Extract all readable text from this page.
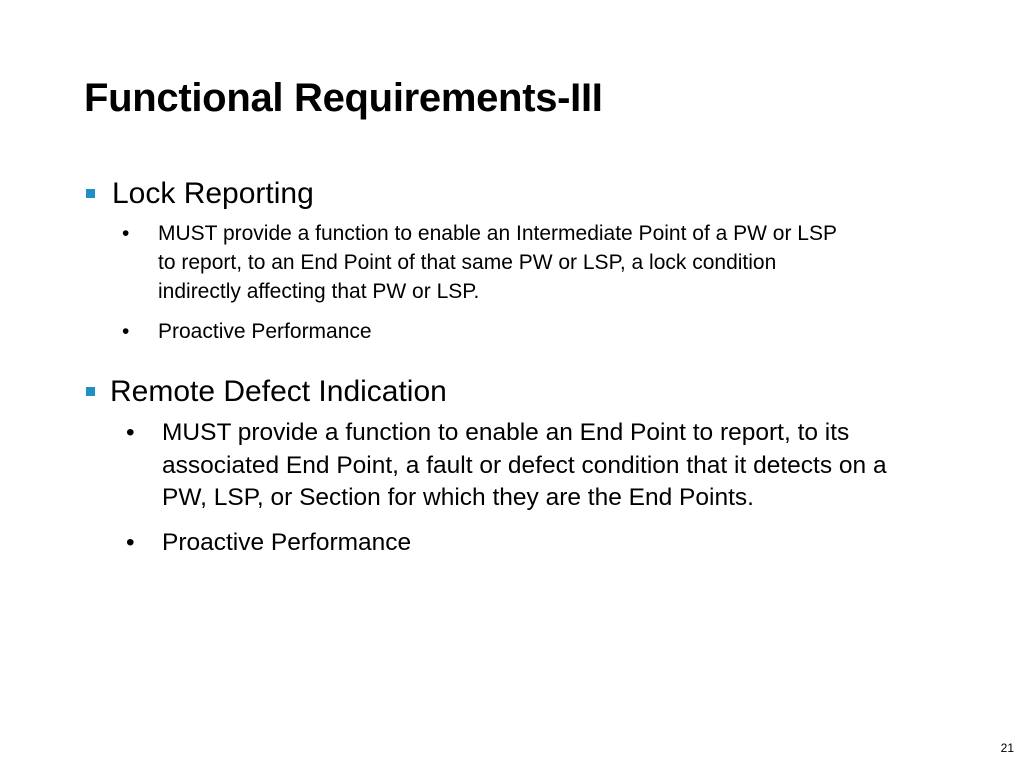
Functional Requirements-III
Lock Reporting
• MUST provide a function to enable an Intermediate Point of a PW or LSP to report, to an End Point of that same PW or LSP, a lock condition indirectly affecting that PW or LSP.
• Proactive Performance
Remote Defect Indication
• MUST provide a function to enable an End Point to report, to its associated End Point, a fault or defect condition that it detects on a PW, LSP, or Section for which they are the End Points.
• Proactive Performance
21
